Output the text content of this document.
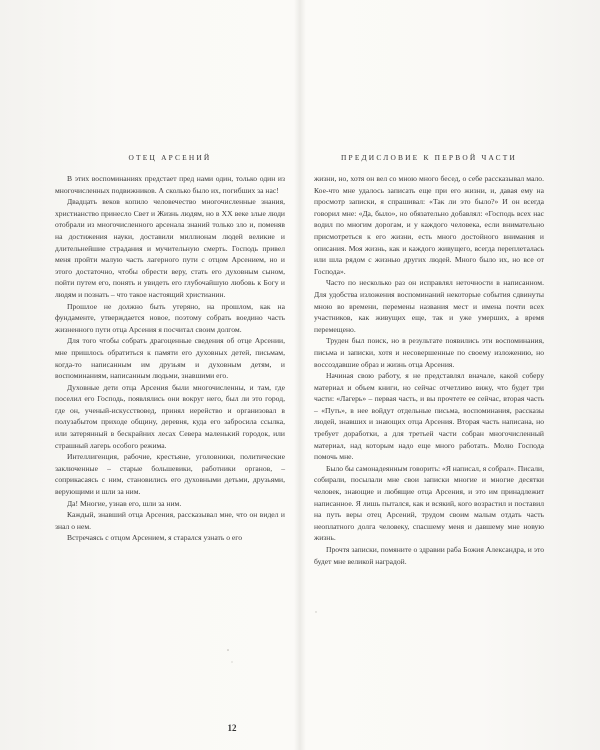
ОТЕЦ АРСЕНИЙ

В этих воспоминаниях предстает пред нами один, только один из многочисленных подвижников. А сколько было их, погибших за нас!

Двадцать веков копило человечество многочисленные знания, христианство принесло Свет и Жизнь людям, но в XX веке злые люди отобрали из многочисленного арсенала знаний только зло и, поменяв на достижения науки, доставили миллионам людей великие и длительнейшие страдания и мучительную смерть. Господь привел меня пройти малую часть лагерного пути с отцом Арсением, но и этого достаточно, чтобы обрести веру, стать его духовным сыном, пойти путем его, понять и увидеть его глубочайшую любовь к Богу и людям и познать – что такое настоящий христианин.

Прошлое не должно быть утеряно, на прошлом, как на фундаменте, утверждается новое, поэтому собрать воедино часть жизненного пути отца Арсения я посчитал своим долгом.

Для того чтобы собрать драгоценные сведения об отце Арсении, мне пришлось обратиться к памяти его духовных детей, письмам, когда-то написанным им друзьям и духовным детям, и воспоминаниям, написанным людьми, знавшими его.

Духовные дети отца Арсения были многочисленны, и там, где поселил его Господь, появлялись они вокруг него, был ли это город, где он, ученый-искусствовед, принял иерейство и организовал в полузабытом приходе общину, деревня, куда его забросила ссылка, или затерянный в бескрайних лесах Севера маленький городок, или страшный лагерь особого режима.

Интеллигенция, рабочие, крестьяне, уголовники, политические заключенные – старые большевики, работники органов, – соприкасаясь с ним, становились его духовными детьми, друзьями, верующими и шли за ним.

Да! Многие, узнав его, шли за ним.

Каждый, знавший отца Арсения, рассказывал мне, что он видел и знал о нем.

Встречаясь с отцом Арсением, я старался узнать о его

12
ПРЕДИСЛОВИЕ К ПЕРВОЙ ЧАСТИ

жизни, но, хотя он вел со мною много бесед, о себе рассказывал мало. Кое-что мне удалось записать еще при его жизни, и, давая ему на просмотр записки, я спрашивал: «Так ли это было?» И он всегда говорил мне: «Да, было», но обязательно добавлял: «Господь всех нас водил по многим дорогам, и у каждого человека, если внимательно присмотреться к его жизни, есть много достойного внимания и описания. Моя жизнь, как и каждого живущего, всегда переплеталась или шла рядом с жизнью других людей. Много было их, но все от Господа».

Часто по несколько раз он исправлял неточности в написанном. Для удобства изложения воспоминаний некоторые события сдвинуты мною во времени, перемены названия мест и имена почти всех участников, как живущих еще, так и уже умерших, а время перемещено.

Труден был поиск, но в результате появились эти воспоминания, письма и записки, хотя и несовершенные по своему изложению, но воссоздавшие образ и жизнь отца Арсения.

Начиная свою работу, я не представлял вначале, какой соберу материал и объем книги, но сейчас отчетливо вижу, что будет три части: «Лагерь» – первая часть, и вы прочтете ее сейчас, вторая часть – «Путь», в нее войдут отдельные письма, воспоминания, рассказы людей, знавших и знающих отца Арсения. Вторая часть написана, но требует доработки, а для третьей части собран многочисленный материал, над которым надо еще много работать. Молю Господа помочь мне.

Было бы самонадеянным говорить: «Я написал, я собрал». Писали, собирали, посылали мне свои записки многие и многие десятки человек, знающие и любящие отца Арсения, и это им принадлежит написанное. Я лишь пытался, как и всякий, кого возрастил и поставил на путь веры отец Арсений, трудом своим малым отдать часть неоплатного долга человеку, спасшему меня и давшему мне новую жизнь.

Прочтя записки, помяните о здравии раба Божия Александра, и это будет мне великой наградой.
